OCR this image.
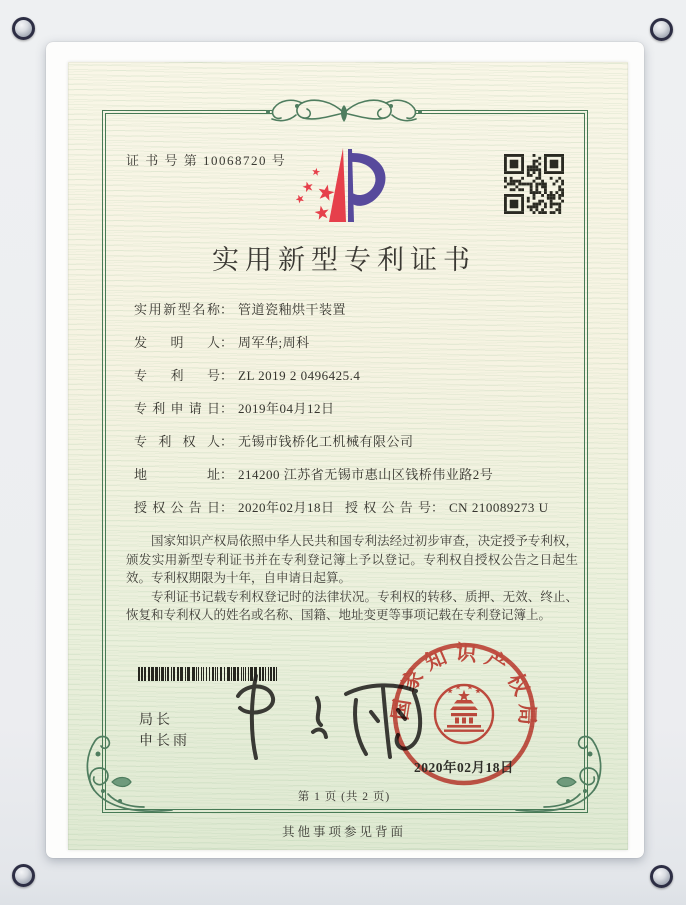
证 书 号 第 10068720 号
实用新型专利证书
实用新型名称： 管道瓷釉烘干装置
发明人： 周军华;周科
专利号： ZL 2019 2 0496425.4
专利申请日： 2019年04月12日
专利权人： 无锡市钱桥化工机械有限公司
地址： 214200 江苏省无锡市惠山区钱桥伟业路2号
授权公告日： 2020年02月18日 授权公告号： CN 210089273 U

国家知识产权局依照中华人民共和国专利法经过初步审查，决定授予专利权，颁发实用新型专利证书并在专利登记簿上予以登记。专利权自授权公告之日起生效。专利权期限为十年，自申请日起算。

专利证书记载专利权登记时的法律状况。专利权的转移、质押、无效、终止、恢复和专利权人的姓名或名称、国籍、地址变更等事项记载在专利登记簿上。

局长
申长雨
国家知识产权局
2020年02月18日
第 1 页 (共 2 页)
其他事项参见背面
